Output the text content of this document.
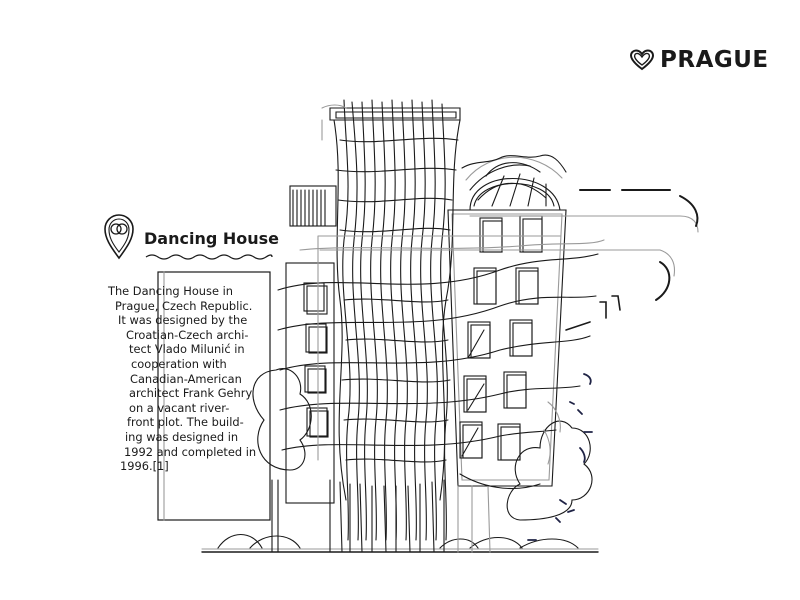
PRAGUE
Dancing House
The Dancing House in
Prague, Czech Republic.
It was designed by the
Croatian-Czech archi-
tect Vlado Milunić in
cooperation with
Canadian-American
architect Frank Gehry
on a vacant river-
front plot. The build-
ing was designed in
1992 and completed in
1996.[1]
